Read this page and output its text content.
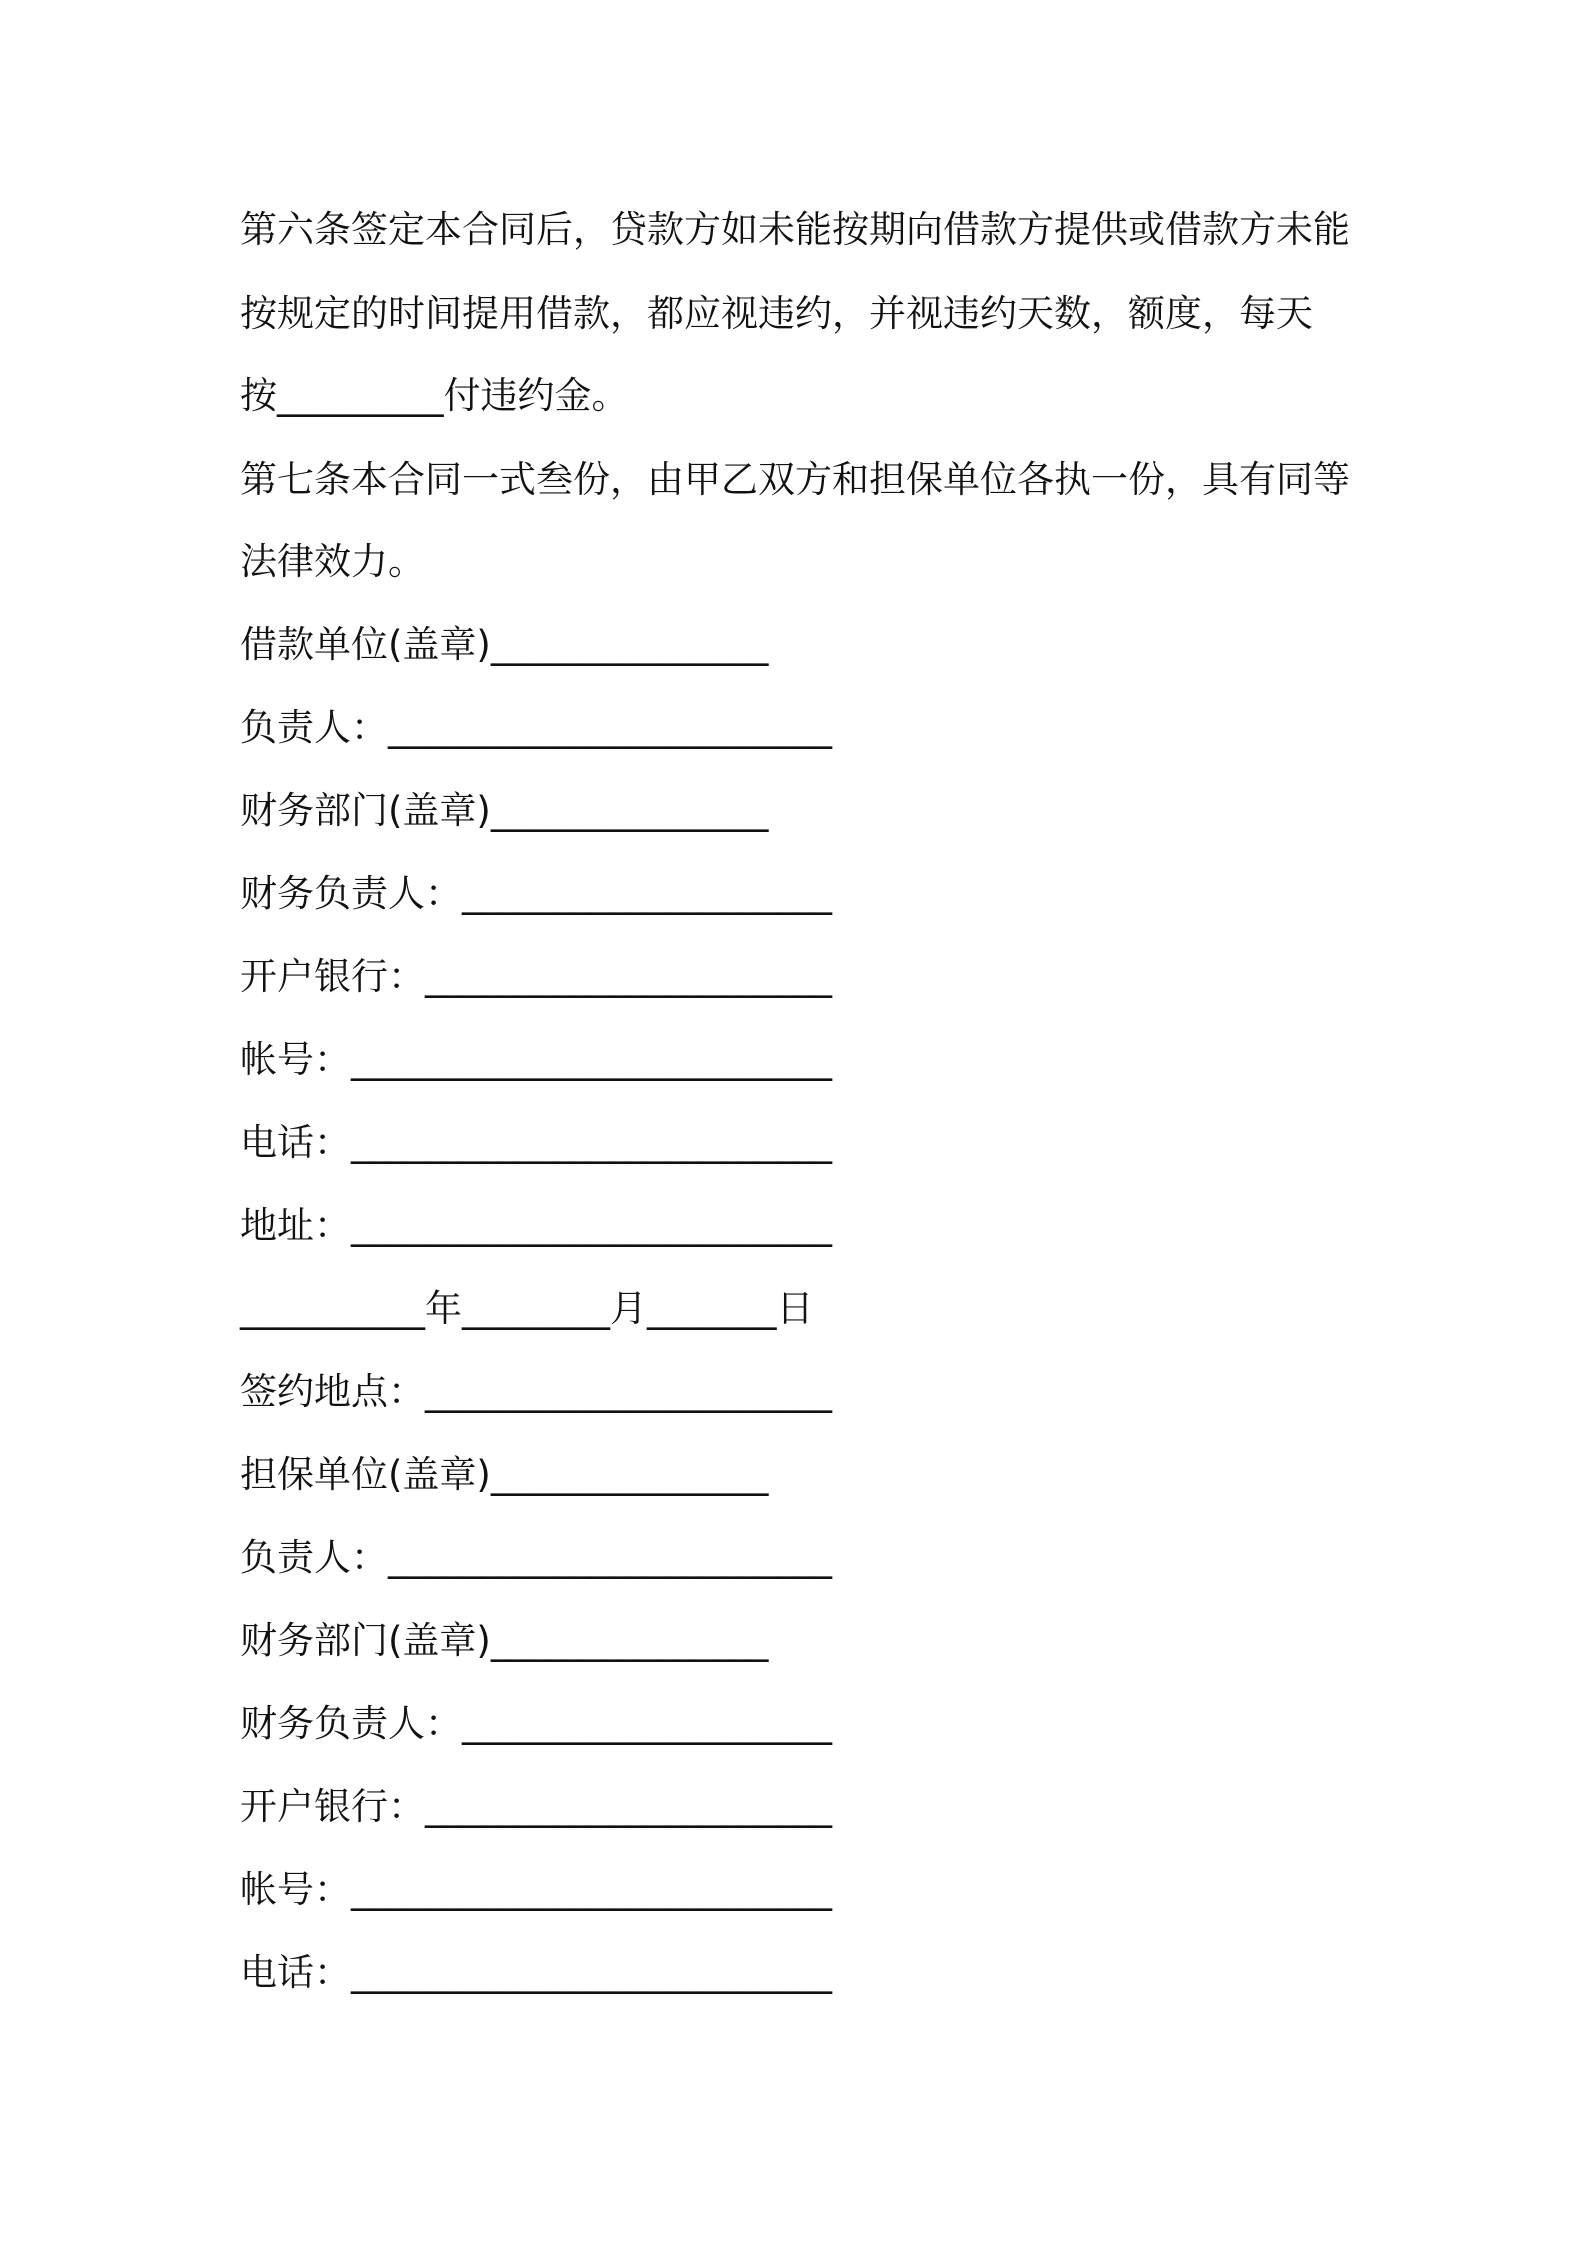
第六条签定本合同后，贷款方如未能按期向借款方提供或借款方未能
按规定的时间提用借款，都应视违约，并视违约天数，额度，每天
按_________付违约金。
第七条本合同一式叁份，由甲乙双方和担保单位各执一份，具有同等
法律效力。
借款单位(盖章)_______________
负责人：________________________
财务部门(盖章)_______________
财务负责人：____________________
开户银行：______________________
帐号：__________________________
电话：__________________________
地址：__________________________
__________年________月_______日
签约地点：______________________
担保单位(盖章)_______________
负责人：________________________
财务部门(盖章)_______________
财务负责人：____________________
开户银行：______________________
帐号：__________________________
电话：__________________________
